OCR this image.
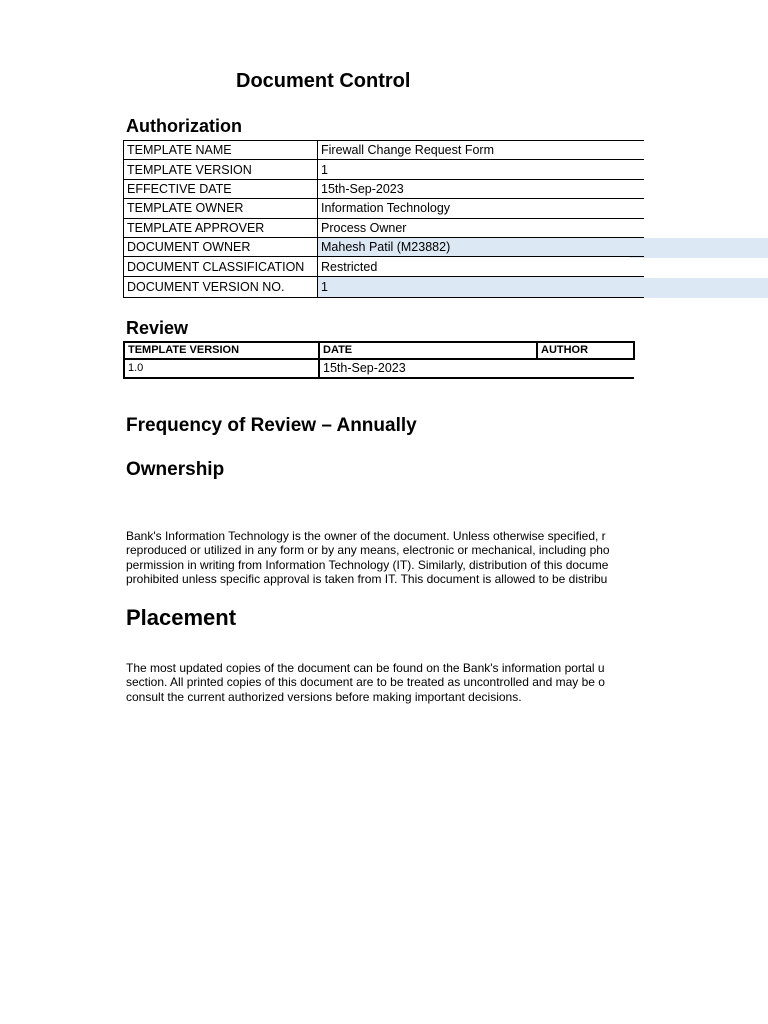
Document Control
Authorization
TEMPLATE NAME	Firewall Change Request Form
TEMPLATE VERSION	1
EFFECTIVE DATE	15th-Sep-2023
TEMPLATE OWNER	Information Technology
TEMPLATE APPROVER	Process Owner
DOCUMENT OWNER	Mahesh Patil (M23882)
DOCUMENT CLASSIFICATION	Restricted
DOCUMENT VERSION NO.	1
Review
TEMPLATE VERSION	DATE	AUTHOR
1.0	15th-Sep-2023	
Frequency of Review – Annually
Ownership
Bank's Information Technology is the owner of the document. Unless otherwise specified, r
reproduced or utilized in any form or by any means, electronic or mechanical, including pho
permission in writing from Information Technology (IT). Similarly, distribution of this docume
prohibited unless specific approval is taken from IT. This document is allowed to be distribu
Placement
The most updated copies of the document can be found on the Bank's information portal u
section. All printed copies of this document are to be treated as uncontrolled and may be o
consult the current authorized versions before making important decisions.
